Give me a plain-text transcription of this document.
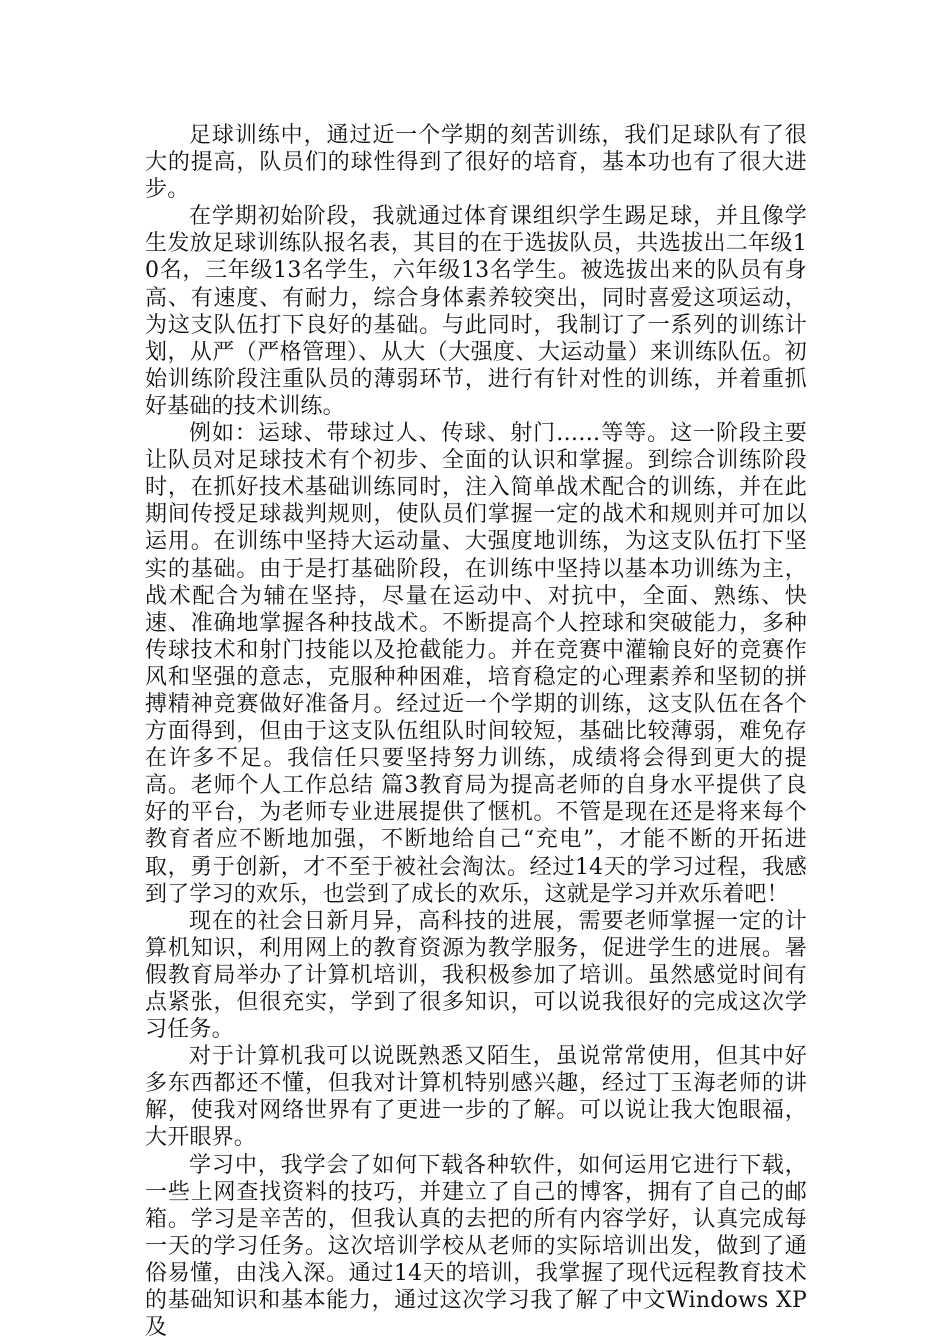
足球训练中，通过近一个学期的刻苦训练，我们足球队有了很大的提高，队员们的球性得到了很好的培育，基本功也有了很大进步。

在学期初始阶段，我就通过体育课组织学生踢足球，并且像学生发放足球训练队报名表，其目的在于选拔队员，共选拔出二年级10名，三年级13名学生，六年级13名学生。被选拔出来的队员有身高、有速度、有耐力，综合身体素养较突出，同时喜爱这项运动，为这支队伍打下良好的基础。与此同时，我制订了一系列的训练计划，从严（严格管理）、从大（大强度、大运动量）来训练队伍。初始训练阶段注重队员的薄弱环节，进行有针对性的训练，并着重抓好基础的技术训练。

例如：运球、带球过人、传球、射门……等等。这一阶段主要让队员对足球技术有个初步、全面的认识和掌握。到综合训练阶段时，在抓好技术基础训练同时，注入简单战术配合的训练，并在此期间传授足球裁判规则，使队员们掌握一定的战术和规则并可加以运用。在训练中坚持大运动量、大强度地训练，为这支队伍打下坚实的基础。由于是打基础阶段，在训练中坚持以基本功训练为主，战术配合为辅在坚持，尽量在运动中、对抗中，全面、熟练、快速、准确地掌握各种技战术。不断提高个人控球和突破能力，多种传球技术和射门技能以及抢截能力。并在竞赛中灌输良好的竞赛作风和坚强的意志，克服种种困难，培育稳定的心理素养和坚韧的拼搏精神竞赛做好准备月。经过近一个学期的训练，这支队伍在各个方面得到，但由于这支队伍组队时间较短，基础比较薄弱，难免存在许多不足。我信任只要坚持努力训练，成绩将会得到更大的提高。老师个人工作总结 篇3教育局为提高老师的自身水平提供了良好的平台，为老师专业进展提供了惬机。不管是现在还是将来每个教育者应不断地加强，不断地给自己“充电”，才能不断的开拓进取，勇于创新，才不至于被社会淘汰。经过14天的学习过程，我感到了学习的欢乐，也尝到了成长的欢乐，这就是学习并欢乐着吧！

现在的社会日新月异，高科技的进展，需要老师掌握一定的计算机知识，利用网上的教育资源为教学服务，促进学生的进展。暑假教育局举办了计算机培训，我积极参加了培训。虽然感觉时间有点紧张，但很充实，学到了很多知识，可以说我很好的完成这次学习任务。

对于计算机我可以说既熟悉又陌生，虽说常常使用，但其中好多东西都还不懂，但我对计算机特别感兴趣，经过丁玉海老师的讲解，使我对网络世界有了更进一步的了解。可以说让我大饱眼福，大开眼界。

学习中，我学会了如何下载各种软件，如何运用它进行下载，一些上网查找资料的技巧，并建立了自己的博客，拥有了自己的邮箱。学习是辛苦的，但我认真的去把的所有内容学好，认真完成每一天的学习任务。这次培训学校从老师的实际培训出发，做到了通俗易懂，由浅入深。通过14天的培训，我掌握了现代远程教育技术的基础知识和基本能力，通过这次学习我了解了中文Windows XP 及
